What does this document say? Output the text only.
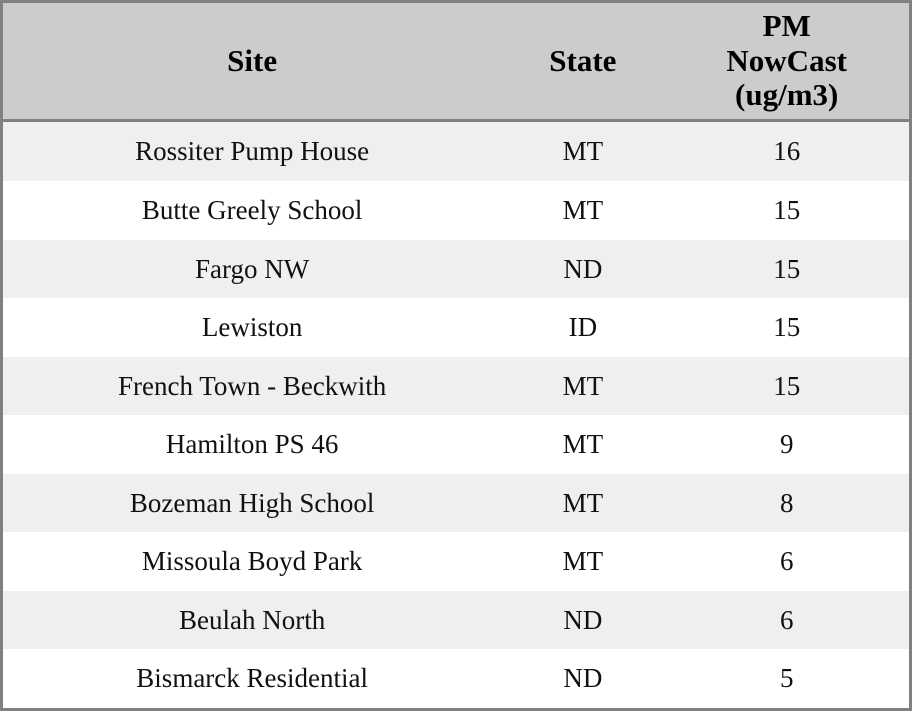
Site	State	PM
NowCast
(ug/m3)

Rossiter Pump House	MT	16
Butte Greely School	MT	15
Fargo NW	ND	15
Lewiston	ID	15
French Town - Beckwith	MT	15
Hamilton PS 46	MT	9
Bozeman High School	MT	8
Missoula Boyd Park	MT	6
Beulah North	ND	6
Bismarck Residential	ND	5
